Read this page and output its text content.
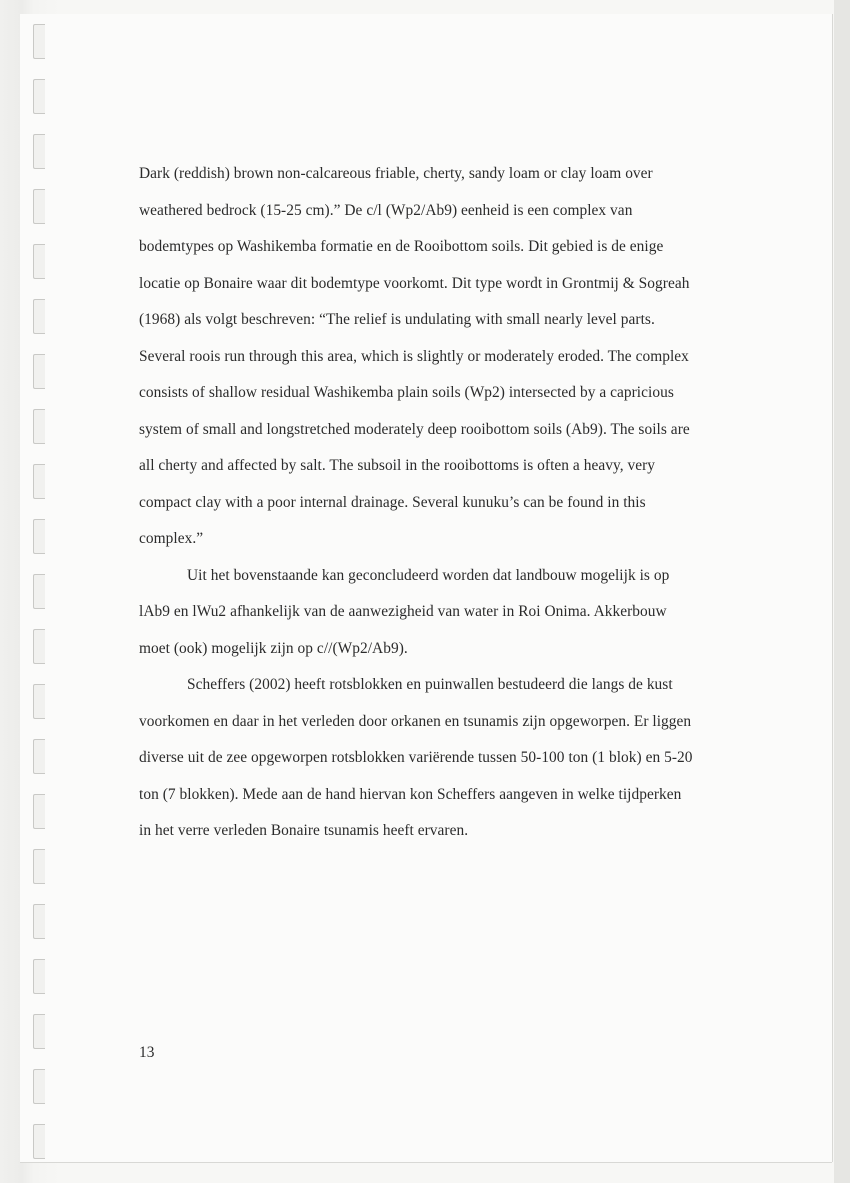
Dark (reddish) brown non-calcareous friable, cherty, sandy loam or clay loam over
weathered bedrock (15-25 cm).” De c/l (Wp2/Ab9) eenheid is een complex van
bodemtypes op Washikemba formatie en de Rooibottom soils. Dit gebied is de enige
locatie op Bonaire waar dit bodemtype voorkomt. Dit type wordt in Grontmij & Sogreah
(1968) als volgt beschreven: “The relief is undulating with small nearly level parts.
Several roois run through this area, which is slightly or moderately eroded. The complex
consists of shallow residual Washikemba plain soils (Wp2) intersected by a capricious
system of small and longstretched moderately deep rooibottom soils (Ab9). The soils are
all cherty and affected by salt. The subsoil in the rooibottoms is often a heavy, very
compact clay with a poor internal drainage. Several kunuku’s can be found in this
complex.”
Uit het bovenstaande kan geconcludeerd worden dat landbouw mogelijk is op
lAb9 en lWu2 afhankelijk van de aanwezigheid van water in Roi Onima. Akkerbouw
moet (ook) mogelijk zijn op c//(Wp2/Ab9).
Scheffers (2002) heeft rotsblokken en puinwallen bestudeerd die langs de kust
voorkomen en daar in het verleden door orkanen en tsunamis zijn opgeworpen. Er liggen
diverse uit de zee opgeworpen rotsblokken variërende tussen 50-100 ton (1 blok) en 5-20
ton (7 blokken). Mede aan de hand hiervan kon Scheffers aangeven in welke tijdperken
in het verre verleden Bonaire tsunamis heeft ervaren.
13
